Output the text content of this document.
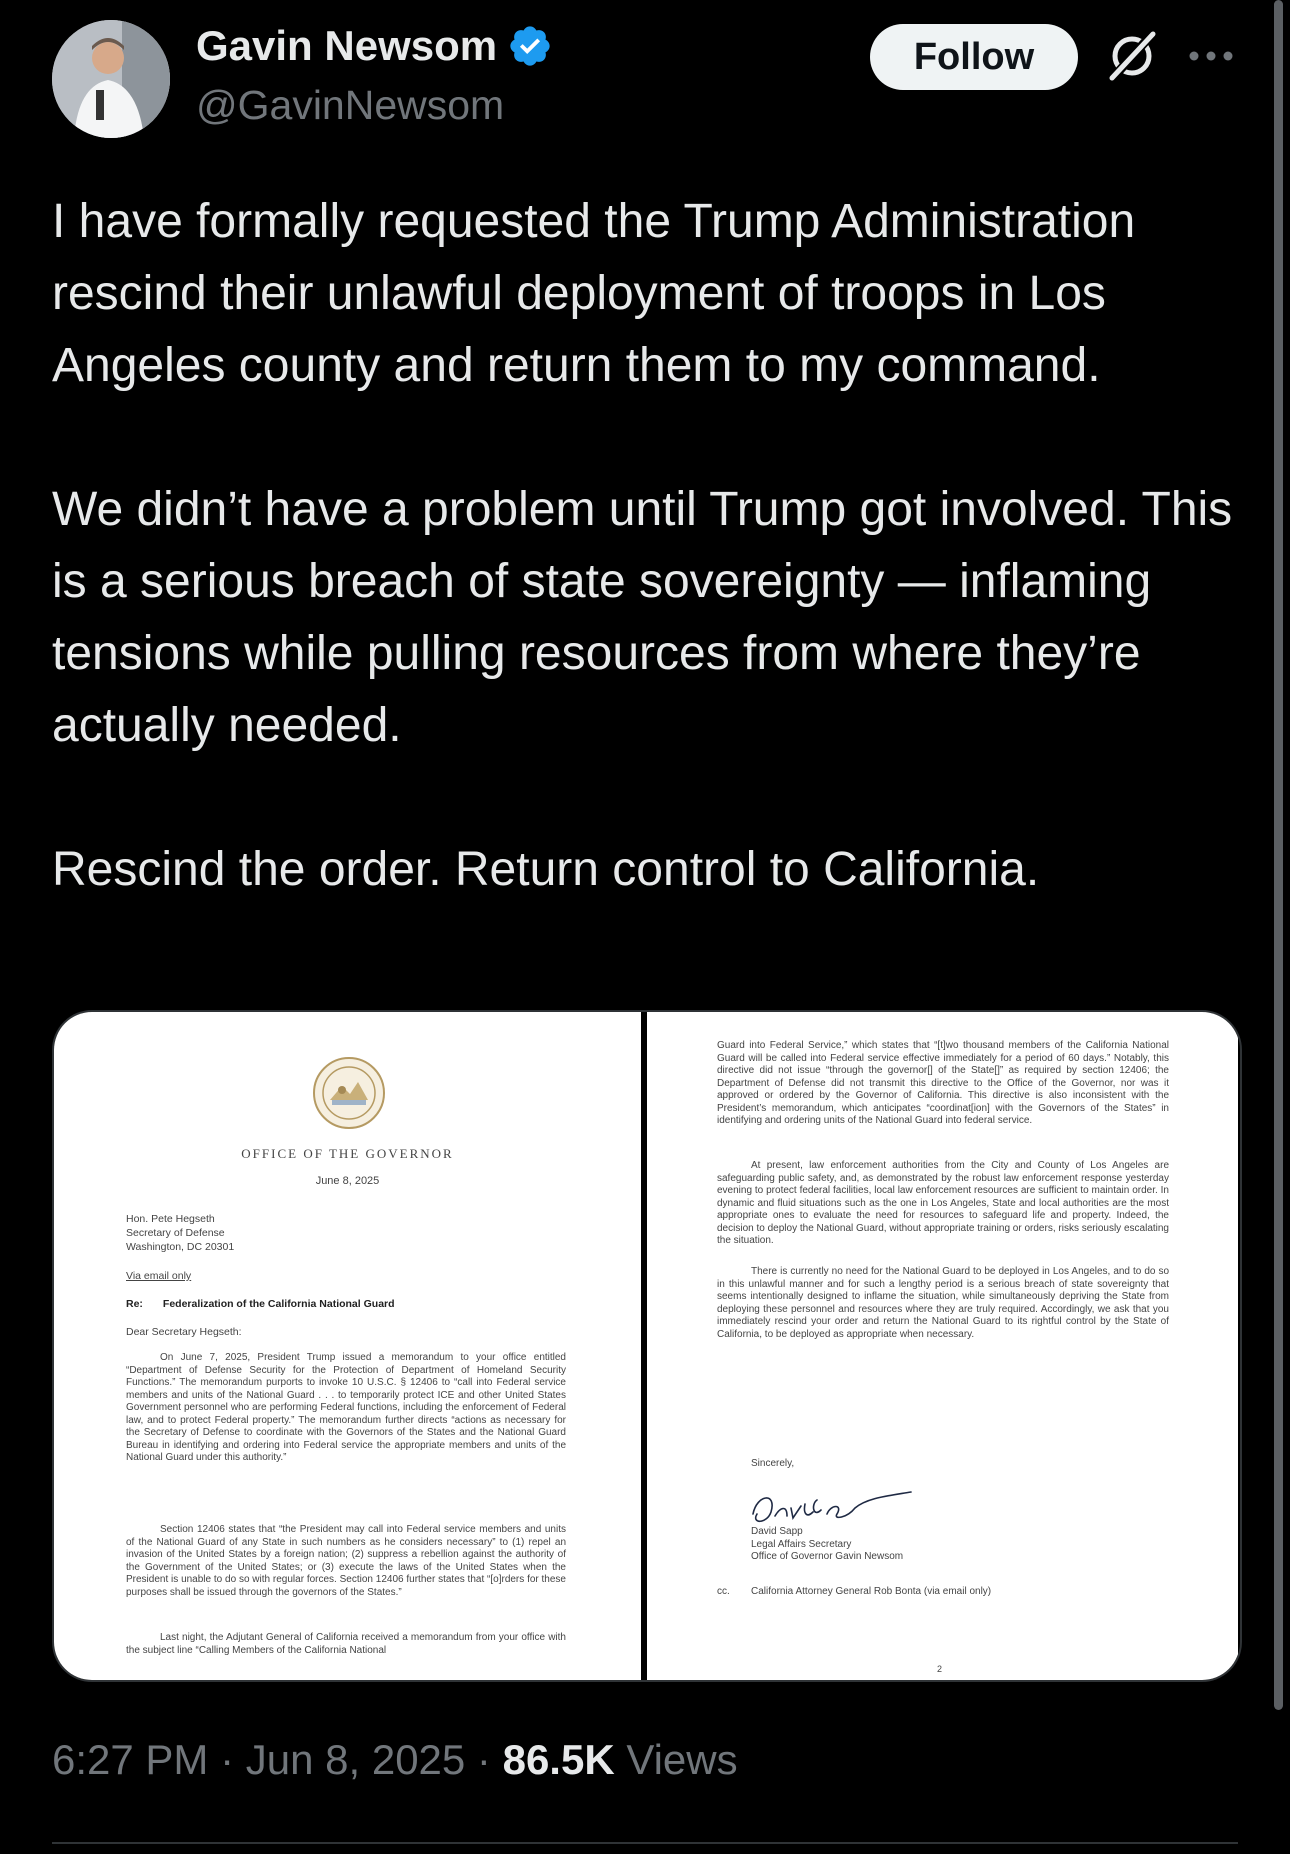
Gavin Newsom
@GavinNewsom
Follow
I have formally requested the Trump Administration rescind their unlawful deployment of troops in Los Angeles county and return them to my command.

We didn’t have a problem until Trump got involved. This is a serious breach of state sovereignty — inflaming tensions while pulling resources from where they’re actually needed.

Rescind the order. Return control to California.
OFFICE OF THE GOVERNOR
June 8, 2025
Hon. Pete Hegseth
Secretary of Defense
Washington, DC 20301
Via email only
Re: Federalization of the California National Guard
Dear Secretary Hegseth:
On June 7, 2025, President Trump issued a memorandum to your office entitled “Department of Defense Security for the Protection of Department of Homeland Security Functions.” The memorandum purports to invoke 10 U.S.C. § 12406 to “call into Federal service members and units of the National Guard . . . to temporarily protect ICE and other United States Government personnel who are performing Federal functions, including the enforcement of Federal law, and to protect Federal property.” The memorandum further directs “actions as necessary for the Secretary of Defense to coordinate with the Governors of the States and the National Guard Bureau in identifying and ordering into Federal service the appropriate members and units of the National Guard under this authority.”
Section 12406 states that “the President may call into Federal service members and units of the National Guard of any State in such numbers as he considers necessary” to (1) repel an invasion of the United States by a foreign nation; (2) suppress a rebellion against the authority of the Government of the United States; or (3) execute the laws of the United States when the President is unable to do so with regular forces. Section 12406 further states that “[o]rders for these purposes shall be issued through the governors of the States.”
Last night, the Adjutant General of California received a memorandum from your office with the subject line “Calling Members of the California National
Guard into Federal Service,” which states that “[t]wo thousand members of the California National Guard will be called into Federal service effective immediately for a period of 60 days.” Notably, this directive did not issue “through the governor[] of the State[]” as required by section 12406; the Department of Defense did not transmit this directive to the Office of the Governor, nor was it approved or ordered by the Governor of California. This directive is also inconsistent with the President’s memorandum, which anticipates “coordinat[ion] with the Governors of the States” in identifying and ordering units of the National Guard into federal service.
At present, law enforcement authorities from the City and County of Los Angeles are safeguarding public safety, and, as demonstrated by the robust law enforcement response yesterday evening to protect federal facilities, local law enforcement resources are sufficient to maintain order. In dynamic and fluid situations such as the one in Los Angeles, State and local authorities are the most appropriate ones to evaluate the need for resources to safeguard life and property. Indeed, the decision to deploy the National Guard, without appropriate training or orders, risks seriously escalating the situation.
There is currently no need for the National Guard to be deployed in Los Angeles, and to do so in this unlawful manner and for such a lengthy period is a serious breach of state sovereignty that seems intentionally designed to inflame the situation, while simultaneously depriving the State from deploying these personnel and resources where they are truly required. Accordingly, we ask that you immediately rescind your order and return the National Guard to its rightful control by the State of California, to be deployed as appropriate when necessary.
Sincerely,
David Sapp
Legal Affairs Secretary
Office of Governor Gavin Newsom
cc. California Attorney General Rob Bonta (via email only)
2
6:27 PM · Jun 8, 2025 · 86.5K Views
